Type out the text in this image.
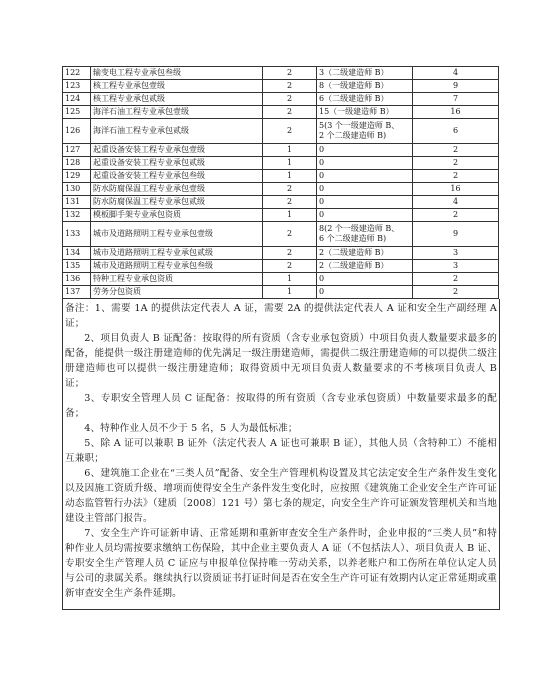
122	输变电工程专业承包叁级	2	3（二级建造师 B）	4
123	核工程专业承包壹级	2	8（一级建造师 B）	9
124	核工程专业承包贰级	2	6（二级建造师 B）	7
125	海洋石油工程专业承包壹级	2	15（一级建造师 B）	16
126	海洋石油工程专业承包贰级	2	5(3 个一级建造师 B、
2 个二级建造师 B)	6
127	起重设备安装工程专业承包壹级	1	0	2
128	起重设备安装工程专业承包贰级	1	0	2
129	起重设备安装工程专业承包叁级	1	0	2
130	防水防腐保温工程专业承包壹级	2	0	16
131	防水防腐保温工程专业承包贰级	2	0	4
132	模板脚手架专业承包资质	1	0	2
133	城市及道路照明工程专业承包壹级	2	8(2 个一级建造师 B、
6 个二级建造师 B)	9
134	城市及道路照明工程专业承包贰级	2	2（二级建造师 B）	3
135	城市及道路照明工程专业承包叁级	2	2（二级建造师 B）	3
136	特种工程专业承包资质	1	0	2
137	劳务分包资质	1	0	2

备注：1、需要 1A 的提供法定代表人 A 证，需要 2A 的提供法定代表人 A 证和安全生产副经理 A 证；

2、项目负责人 B 证配备：按取得的所有资质（含专业承包资质）中项目负责人数量要求最多的配备，能提供一级注册建造师的优先满足一级注册建造师，需提供二级注册建造师的可以提供二级注册建造师也可以提供一级注册建造师；取得资质中无项目负责人数量要求的不考核项目负责人 B 证；

3、专职安全管理人员 C 证配备：按取得的所有资质（含专业承包资质）中数量要求最多的配备；

4、特种作业人员不少于 5 名，5 人为最低标准；

5、除 A 证可以兼职 B 证外（法定代表人 A 证也可兼职 B 证），其他人员（含特种工）不能相互兼职；

6、建筑施工企业在“三类人员”配备、安全生产管理机构设置及其它法定安全生产条件发生变化以及因施工资质升级、增项而使得安全生产条件发生变化时，应按照《建筑施工企业安全生产许可证动态监管暂行办法》（建质〔2008〕121 号）第七条的规定，向安全生产许可证颁发管理机关和当地建设主管部门报告。

7、安全生产许可证新申请、正常延期和重新审查安全生产条件时，企业申报的“三类人员”和特种作业人员均需按要求缴纳工伤保险，其中企业主要负责人 A 证（不包括法人）、项目负责人 B 证、专职安全生产管理人员 C 证应与申报单位保持唯一劳动关系，以养老账户和工伤所在单位认定人员与公司的隶属关系。继续执行以资质证书打证时间是否在安全生产许可证有效期内认定正常延期或重新审查安全生产条件延期。
